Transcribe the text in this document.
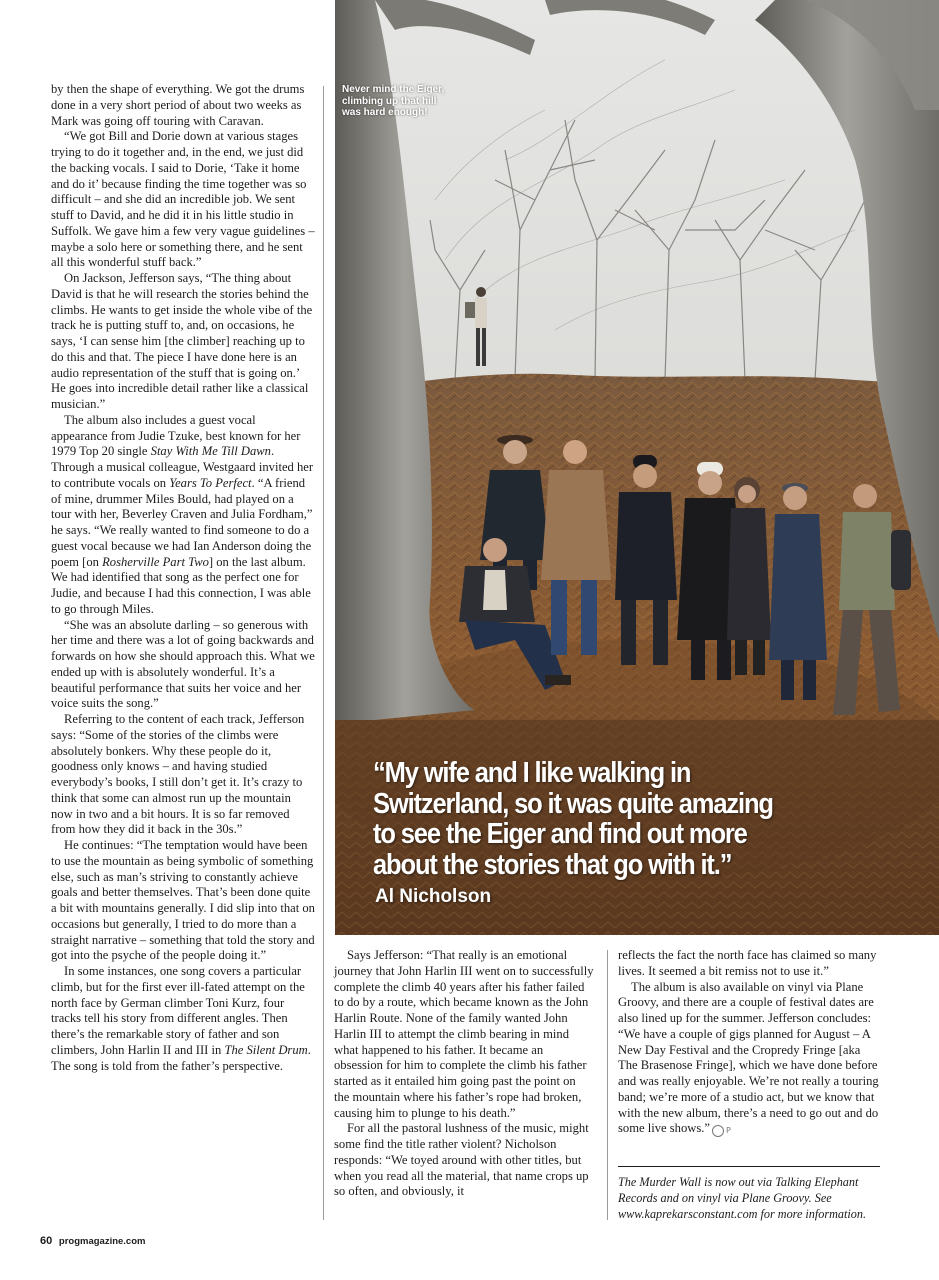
Never mind the Eiger, climbing up that hill was hard enough!
“My wife and I like walking in Switzerland, so it was quite amazing to see the Eiger and find out more about the stories that go with it.”
Al Nicholson

by then the shape of everything. We got the drums done in a very short period of about two weeks as Mark was going off touring with Caravan.

“We got Bill and Dorie down at various stages trying to do it together and, in the end, we just did the backing vocals. I said to Dorie, ‘Take it home and do it’ because finding the time together was so difficult – and she did an incredible job. We sent stuff to David, and he did it in his little studio in Suffolk. We gave him a few very vague guidelines – maybe a solo here or something there, and he sent all this wonderful stuff back.”

On Jackson, Jefferson says, “The thing about David is that he will research the stories behind the climbs. He wants to get inside the whole vibe of the track he is putting stuff to, and, on occasions, he says, ‘I can sense him [the climber] reaching up to do this and that. The piece I have done here is an audio representation of the stuff that is going on.’ He goes into incredible detail rather like a classical musician.”

The album also includes a guest vocal appearance from Judie Tzuke, best known for her 1979 Top 20 single Stay With Me Till Dawn. Through a musical colleague, Westgaard invited her to contribute vocals on Years To Perfect. “A friend of mine, drummer Miles Bould, had played on a tour with her, Beverley Craven and Julia Fordham,” he says. “We really wanted to find someone to do a guest vocal because we had Ian Anderson doing the poem [on Rosherville Part Two] on the last album. We had identified that song as the perfect one for Judie, and because I had this connection, I was able to go through Miles.

“She was an absolute darling – so generous with her time and there was a lot of going backwards and forwards on how she should approach this. What we ended up with is absolutely wonderful. It’s a beautiful performance that suits her voice and her voice suits the song.”

Referring to the content of each track, Jefferson says: “Some of the stories of the climbs were absolutely bonkers. Why these people do it, goodness only knows – and having studied everybody’s books, I still don’t get it. It’s crazy to think that some can almost run up the mountain now in two and a bit hours. It is so far removed from how they did it back in the 30s.”

He continues: “The temptation would have been to use the mountain as being symbolic of something else, such as man’s striving to constantly achieve goals and better themselves. That’s been done quite a bit with mountains generally. I did slip into that on occasions but generally, I tried to do more than a straight narrative – something that told the story and got into the psyche of the people doing it.”

In some instances, one song covers a particular climb, but for the first ever ill-fated attempt on the north face by German climber Toni Kurz, four tracks tell his story from different angles. Then there’s the remarkable story of father and son climbers, John Harlin II and III in The Silent Drum. The song is told from the father’s perspective.

Says Jefferson: “That really is an emotional journey that John Harlin III went on to successfully complete the climb 40 years after his father failed to do by a route, which became known as the John Harlin Route. None of the family wanted John Harlin III to attempt the climb bearing in mind what happened to his father. It became an obsession for him to complete the climb his father started as it entailed him going past the point on the mountain where his father’s rope had broken, causing him to plunge to his death.”

For all the pastoral lushness of the music, might some find the title rather violent? Nicholson responds: “We toyed around with other titles, but when you read all the material, that name crops up so often, and obviously, it

reflects the fact the north face has claimed so many lives. It seemed a bit remiss not to use it.”

The album is also available on vinyl via Plane Groovy, and there are a couple of festival dates are also lined up for the summer. Jefferson concludes: “We have a couple of gigs planned for August – A New Day Festival and the Cropredy Fringe [aka The Brasenose Fringe], which we have done before and was really enjoyable. We’re not really a touring band; we’re more of a studio act, but we know that with the new album, there’s a need to go out and do some live shows.” P

The Murder Wall is now out via Talking Elephant Records and on vinyl via Plane Groovy. See www.kaprekarsconstant.com for more information.
60 progmagazine.com
